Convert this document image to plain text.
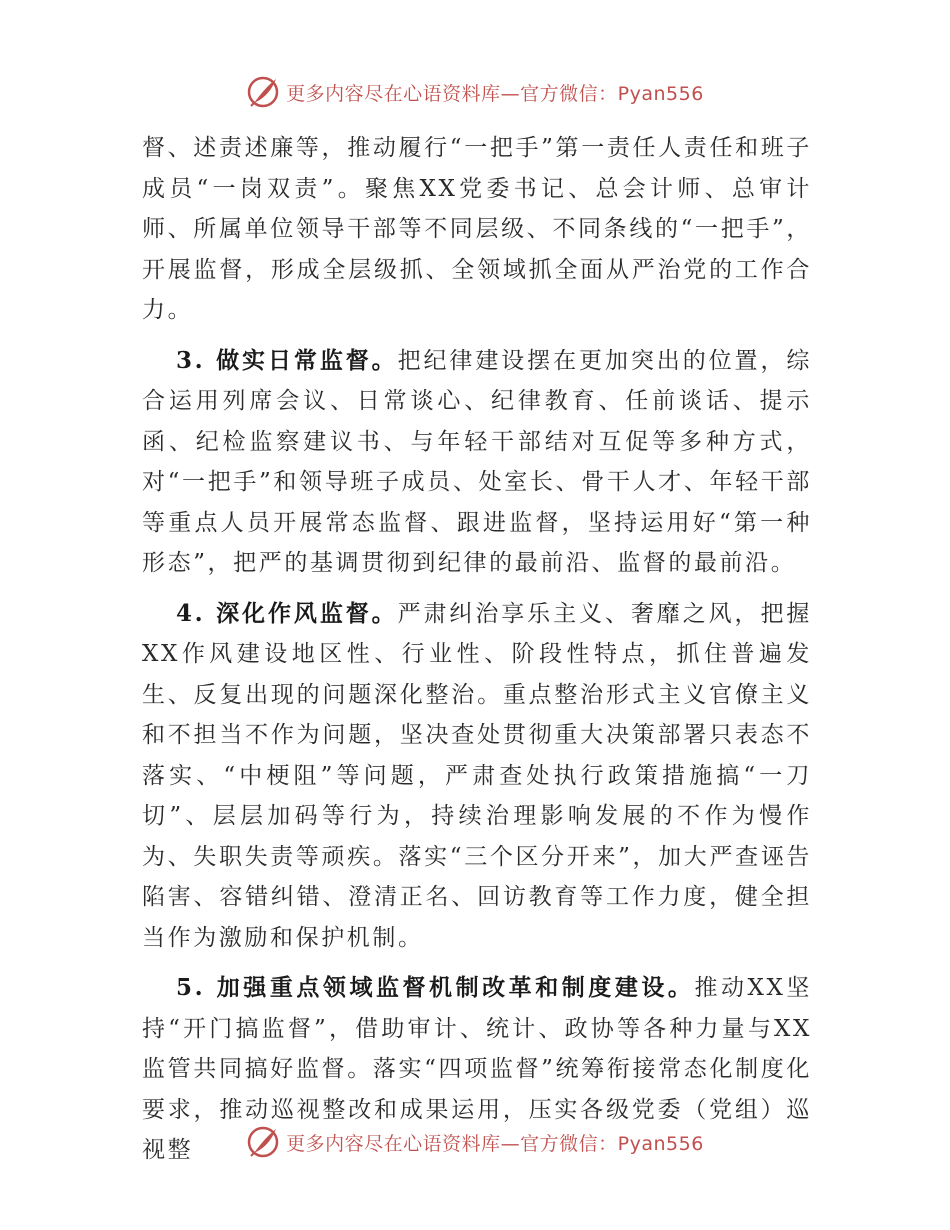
更多内容尽在心语资料库—官方微信：Pyan556

督、述责述廉等，推动履行“一把手”第一责任人责任和班子成员“一岗双责”。聚焦XX党委书记、总会计师、总审计师、所属单位领导干部等不同层级、不同条线的“一把手”，开展监督，形成全层级抓、全领域抓全面从严治党的工作合力。

3. 做实日常监督。把纪律建设摆在更加突出的位置，综合运用列席会议、日常谈心、纪律教育、任前谈话、提示函、纪检监察建议书、与年轻干部结对互促等多种方式，对“一把手”和领导班子成员、处室长、骨干人才、年轻干部等重点人员开展常态监督、跟进监督，坚持运用好“第一种形态”，把严的基调贯彻到纪律的最前沿、监督的最前沿。

4. 深化作风监督。严肃纠治享乐主义、奢靡之风，把握XX作风建设地区性、行业性、阶段性特点，抓住普遍发生、反复出现的问题深化整治。重点整治形式主义官僚主义和不担当不作为问题，坚决查处贯彻重大决策部署只表态不落实、“中梗阻”等问题，严肃查处执行政策措施搞“一刀切”、层层加码等行为，持续治理影响发展的不作为慢作为、失职失责等顽疾。落实“三个区分开来”，加大严查诬告陷害、容错纠错、澄清正名、回访教育等工作力度，健全担当作为激励和保护机制。

5. 加强重点领域监督机制改革和制度建设。推动XX坚持“开门搞监督”，借助审计、统计、政协等各种力量与XX监管共同搞好监督。落实“四项监督”统筹衔接常态化制度化要求，推动巡视整改和成果运用，压实各级党委（党组）巡视整	更多内容尽在心语资料库—官方微信：Pyan556
